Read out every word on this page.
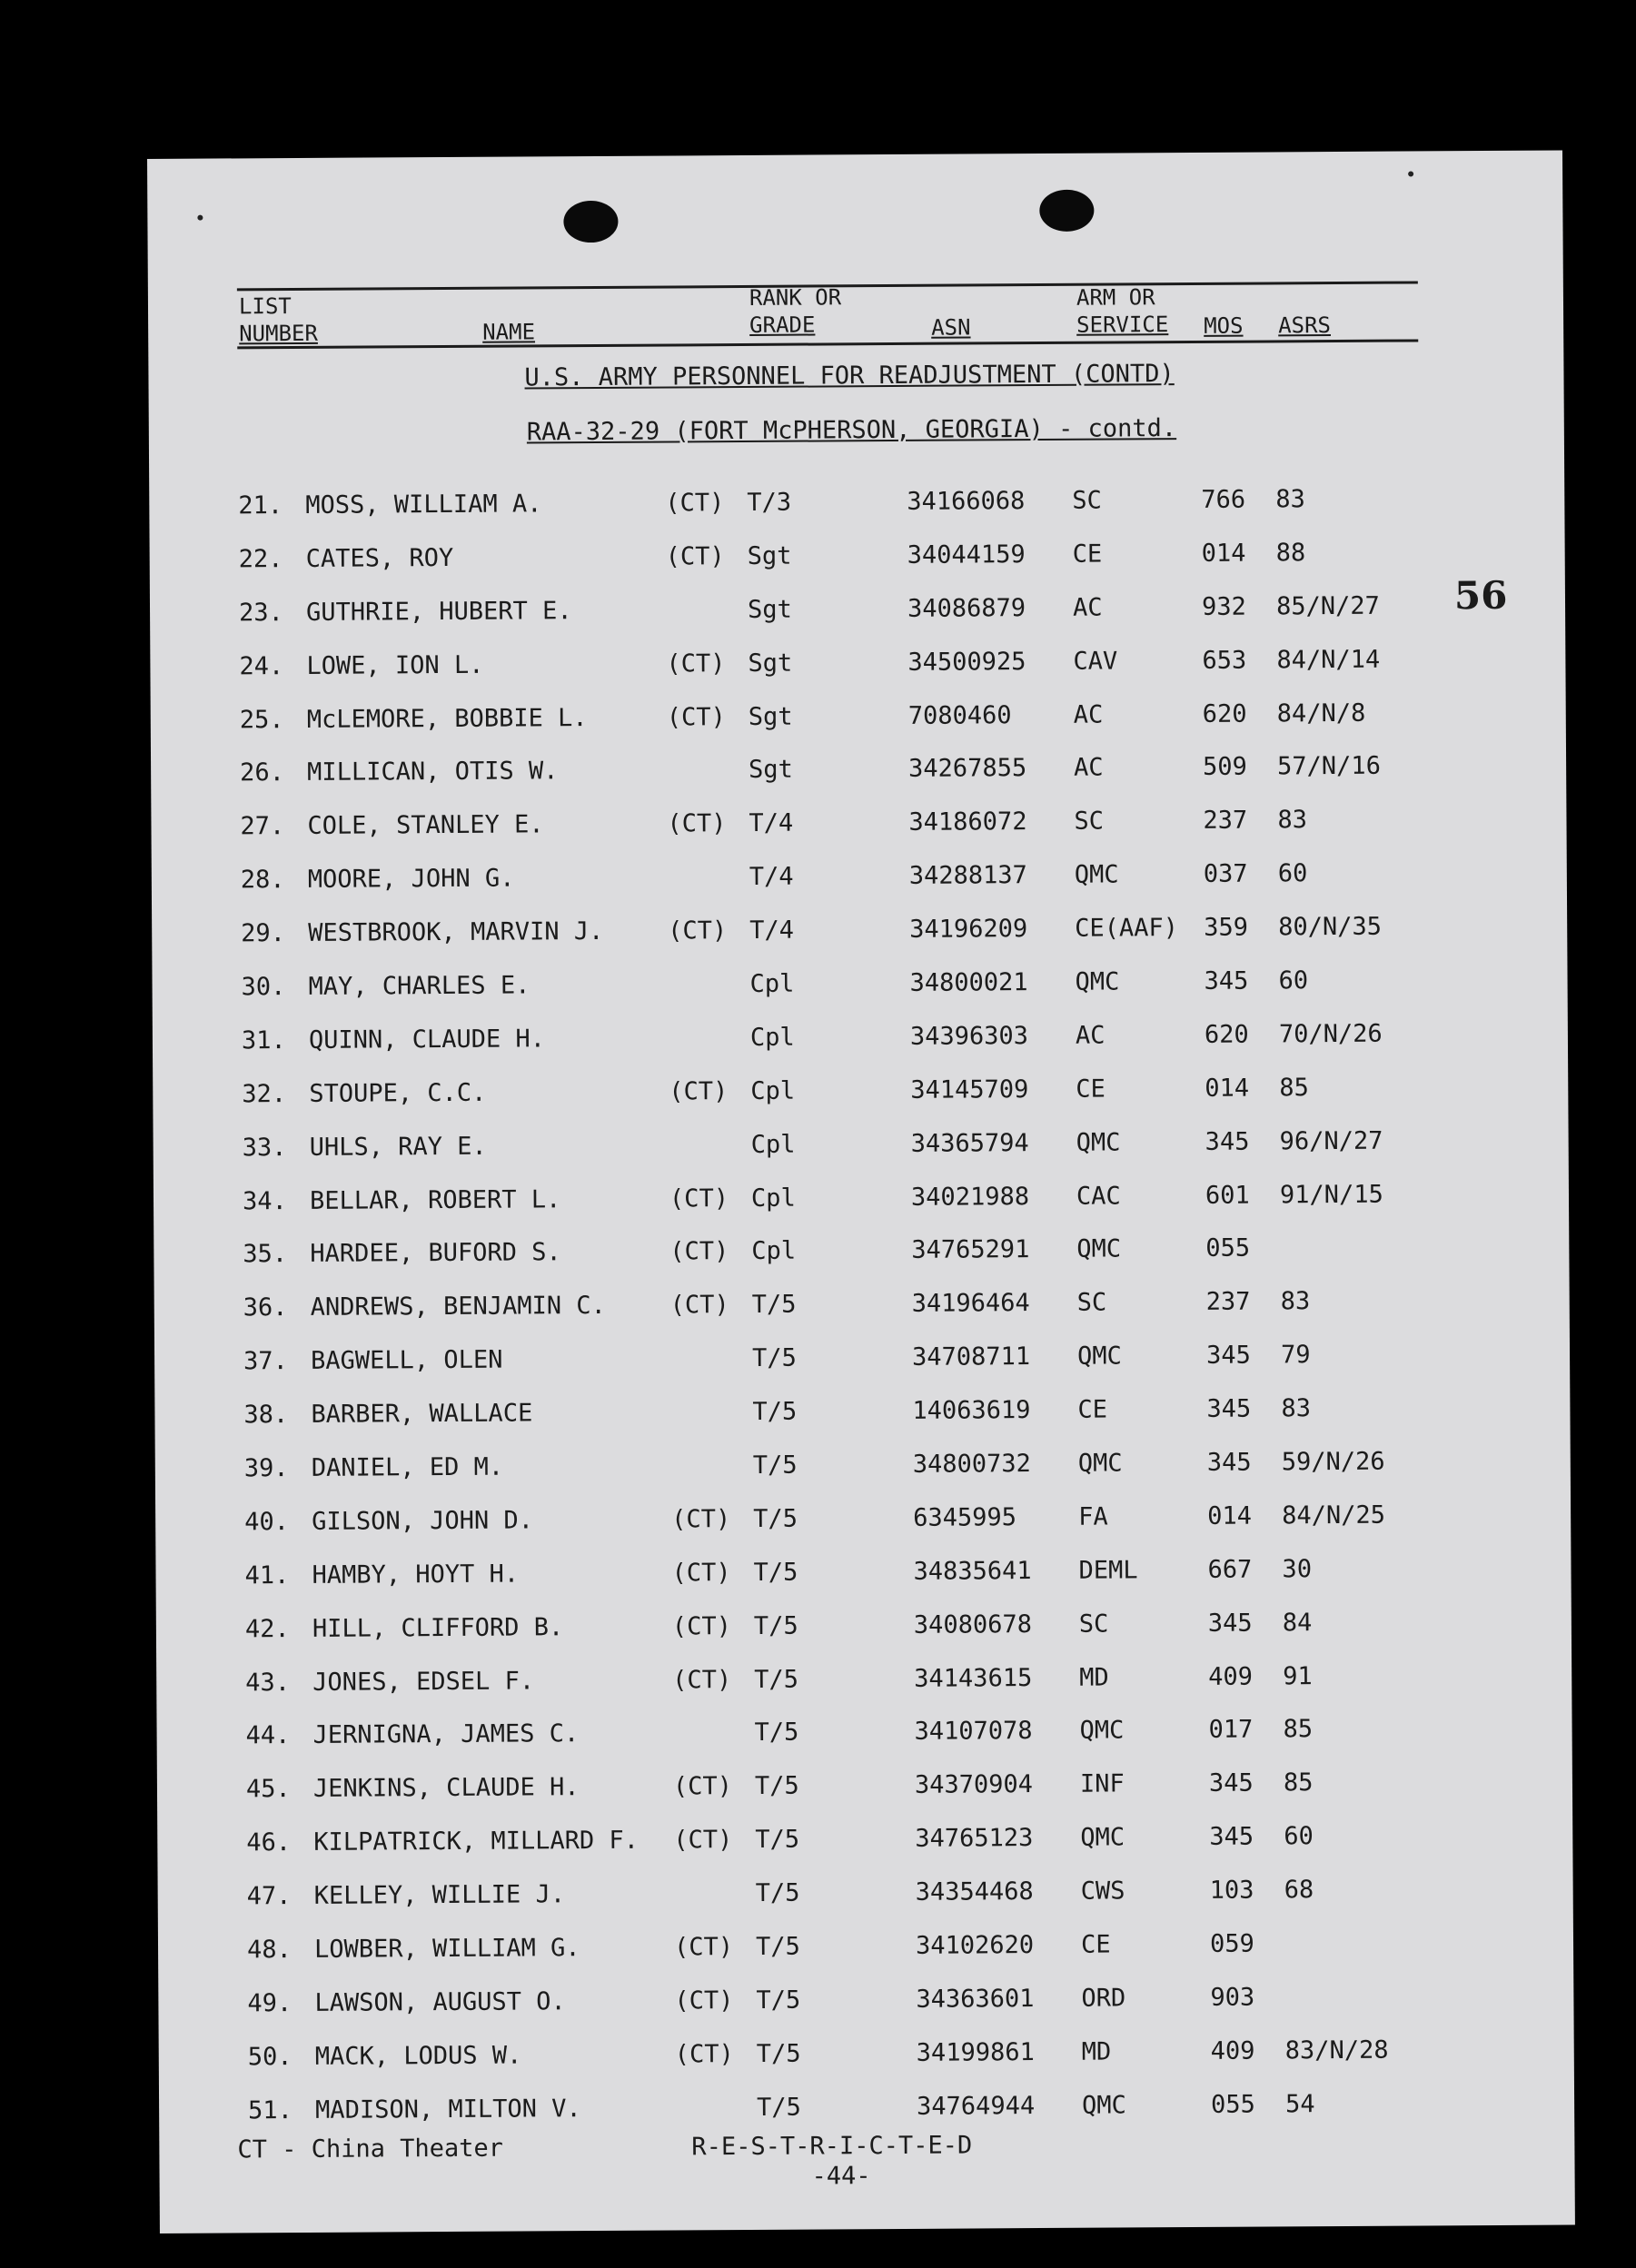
LIST
NUMBER	NAME
RANK OR
GRADE	ASN
ARM OR
SERVICE MOS ASRS
U.S. ARMY PERSONNEL FOR READJUSTMENT (CONTD)
RAA-32-29 (FORT McPHERSON, GEORGIA) - contd.
56
21. MOSS, WILLIAM A.	(CT) T/3	34166068 SC	766 83
22. CATES, ROY	(CT) Sgt	34044159 CE	014 88
23. GUTHRIE, HUBERT E.	Sgt	34086879 AC	932 85/N/27
24. LOWE, ION L.	(CT) Sgt	34500925 CAV	653 84/N/14
25. McLEMORE, BOBBIE L.	(CT) Sgt	7080460	AC	620 84/N/8
26. MILLICAN, OTIS W.	Sgt	34267855 AC	509 57/N/16
27. COLE, STANLEY E.	(CT) T/4	34186072 SC	237 83
28. MOORE, JOHN G.	T/4	34288137 QMC	037 60
29. WESTBROOK, MARVIN J.	(CT) T/4	34196209 CE(AAF) 359 80/N/35
30. MAY, CHARLES E.	Cpl	34800021 QMC	345 60
31. QUINN, CLAUDE H.	Cpl	34396303 AC	620 70/N/26
32. STOUPE, C.C.	(CT) Cpl	34145709 CE	014 85
33. UHLS, RAY E.	Cpl	34365794 QMC	345 96/N/27
34. BELLAR, ROBERT L.	(CT) Cpl	34021988 CAC	601 91/N/15
35. HARDEE, BUFORD S.	(CT) Cpl	34765291 QMC	055
36. ANDREWS, BENJAMIN C.	(CT) T/5	34196464 SC	237 83
37. BAGWELL, OLEN	T/5	34708711 QMC	345 79
38. BARBER, WALLACE	T/5	14063619 CE	345 83
39. DANIEL, ED M.	T/5	34800732 QMC	345 59/N/26
40. GILSON, JOHN D.	(CT) T/5	6345995	FA	014 84/N/25
41. HAMBY, HOYT H.	(CT) T/5	34835641 DEML	667 30
42. HILL, CLIFFORD B.	(CT) T/5	34080678 SC	345 84
43. JONES, EDSEL F.	(CT) T/5	34143615 MD	409 91
44. JERNIGNA, JAMES C.	T/5	34107078 QMC	017 85
45. JENKINS, CLAUDE H.	(CT) T/5	34370904 INF	345 85
46. KILPATRICK, MILLARD F. (CT) T/5	34765123 QMC	345 60
47. KELLEY, WILLIE J.	T/5	34354468 CWS	103 68
48. LOWBER, WILLIAM G.	(CT) T/5	34102620 CE	059
49. LAWSON, AUGUST O.	(CT) T/5	34363601 ORD	903
50. MACK, LODUS W.	(CT) T/5	34199861 MD	409 83/N/28
51. MADISON, MILTON V.	T/5	34764944 QMC	055 54
CT - China Theater	R-E-S-T-R-I-C-T-E-D
-44-
